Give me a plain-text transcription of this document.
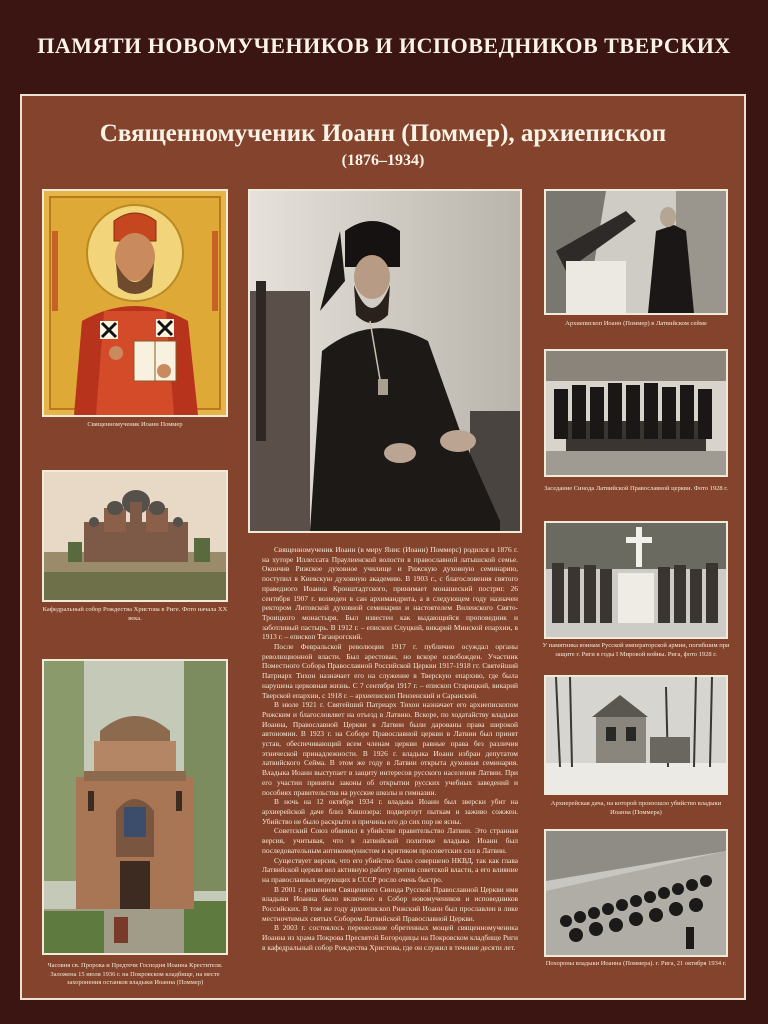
ПАМЯТИ НОВОМУЧЕНИКОВ И ИСПОВЕДНИКОВ ТВЕРСКИХ
Священномученик Иоанн (Поммер), архиепископ
(1876–1934)
Священномученик Иоанн Поммер
Кафедральный собор Рождества Христова в Риге. Фото начала XX века.
Часовня св. Пророка и Предтечи Господня Иоанна Крестителя. Заложена 15 июля 1936 г. на Покровском кладбище, на месте захоронения останков владыки Иоанна (Поммер)
Архиепископ Иоанн (Поммер) в Латвийском сейме
Заседание Синода Латвийской Православной церкви. Фото 1928 г.
У памятника воинам Русской императорской армии, погибшим при защите г. Риги в годы I Мировой войны. Рига, фото 1928 г.
Архиерейская дача, на которой произошло убийство владыки Иоанна (Поммера)
Похороны владыки Иоанна (Поммера). г. Рига, 21 октября 1934 г.

Священномученик Иоанн (в миру Янис (Иоанн) Поммерс) родился в 1876 г. на хуторе Иллессата Праулиенской волости в православной латышской семье. Окончив Рижское духовное училище и Рижскую духовную семинарию, поступил в Киевскую духовную академию. В 1903 г., с благословения святого праведного Иоанна Кронштадтского, принимает монашеский постриг. 26 сентября 1907 г. возведен в сан архимандрита, а в следующем году назначен ректором Литовской духовной семинарии и настоятелем Виленского Свято-Троицкого монастыря. Был известен как выдающийся проповедник и заботливый пастырь. В 1912 г. – епископ Слуцкий, викарий Минской епархии, в 1913 г. – епископ Таганрогский.

После Февральской революции 1917 г. публично осуждал органы революционной власти. Был арестован, но вскоре освобожден. Участник Поместного Собора Православной Российской Церкви 1917-1918 гг. Святейший Патриарх Тихон назначает его на служение в Тверскую епархию, где была нарушена церковная жизнь. С 7 сентября 1917 г. – епископ Старицкий, викарий Тверской епархии, с 1918 г. – архиепископ Пензенский и Саранский.

В июле 1921 г. Святейший Патриарх Тихон назначает его архиепископом Рижским и благословляет на отъезд в Латвию. Вскоре, по ходатайству владыки Иоанна, Православной Церкви в Латвии были дарованы права широкой автономии. В 1923 г. на Соборе Православной церкви в Латвии был принят устав, обеспечивающий всем членам церкви равные права без различия этнической принадлежности. В 1926 г. владыка Иоанн избран депутатом латвийского Сейма. В этом же году в Латвии открыта духовная семинария. Владыка Иоанн выступает в защиту интересов русского населения Латвии. При его участии приняты законы об открытии русских учебных заведений и пособиях правительства на русские школы и гимназии.

В ночь на 12 октября 1934 г. владыка Иоанн был зверски убит на архиерейской даче близ Кишозера: подвергнут пыткам и заживо сожжен. Убийство не было раскрыто и причины его до сих пор не ясны.

Советский Союз обвинил в убийстве правительство Латвии. Это странная версия, учитывая, что в латвийской политике владыка Иоанн был последовательным антикоммунистом и критиком просоветских сил в Латвии.

Существует версия, что его убийство было совершено НКВД, так как глава Латвийской церкви вел активную работу против советской власти, а его влияние на православных верующих в СССР росло очень быстро.

В 2001 г. решением Священного Синода Русской Православной Церкви имя владыки Иоанна было включено в Собор новомучеников и исповедников Российских. В том же году архиепископ Рижский Иоанн был прославлен в лике местночтимых святых Собором Латвийской Православной Церкви.

В 2003 г. состоялось перенесение обретенных мощей священномученика Иоанна из храма Покрова Пресвятой Богородицы на Покровском кладбище Риги в кафедральный собор Рождества Христова, где он служил в течение десяти лет.
